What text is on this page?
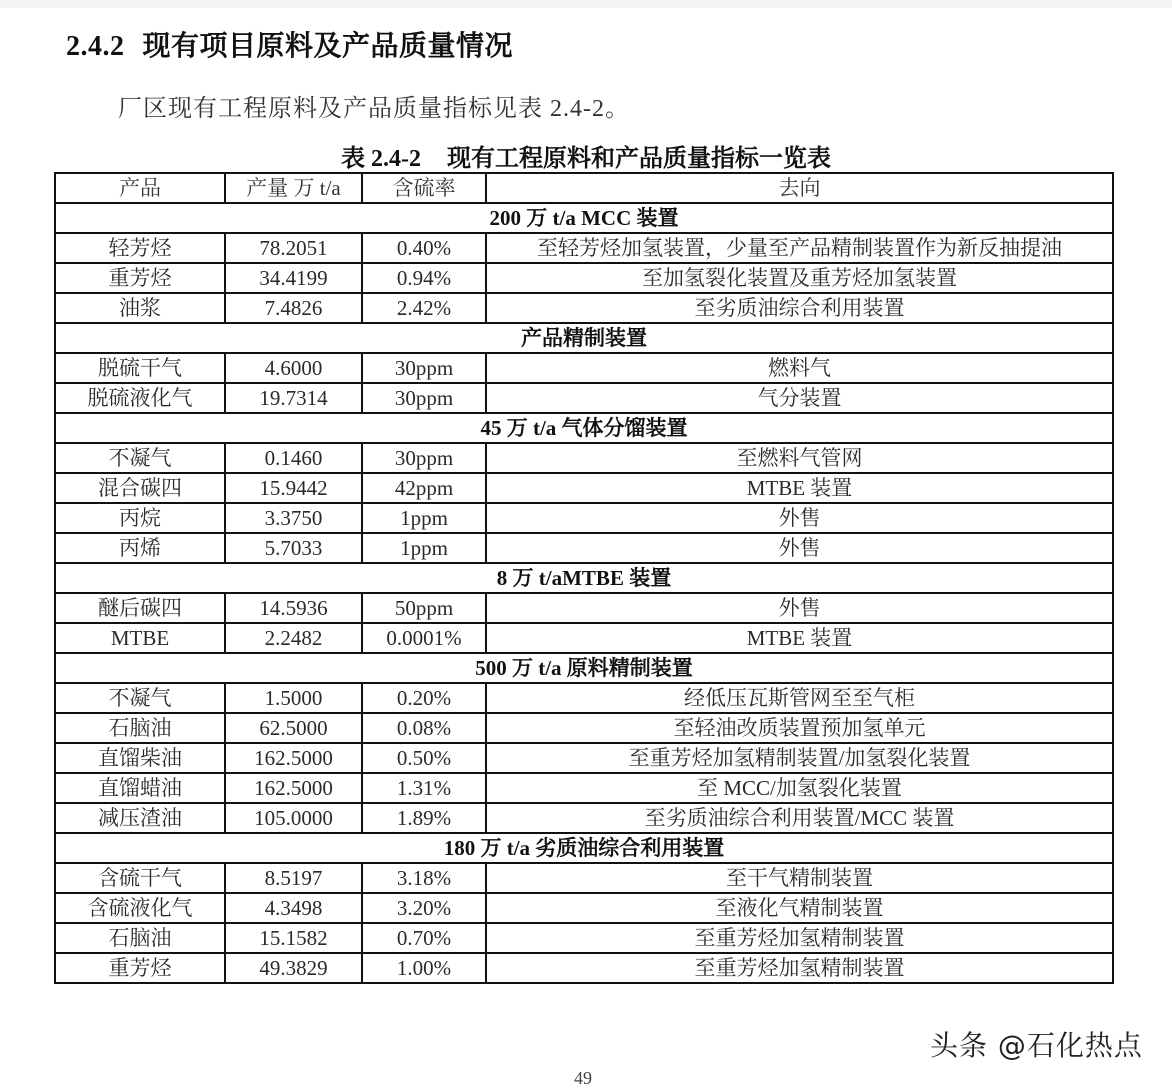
2.4.2 现有项目原料及产品质量情况
厂区现有工程原料及产品质量指标见表 2.4-2。
表 2.4-2 现有工程原料和产品质量指标一览表
产品	产量 万 t/a	含硫率	去向
200 万 t/a MCC 装置			
轻芳烃	78.2051	0.40%	至轻芳烃加氢装置，少量至产品精制装置作为新反抽提油
重芳烃	34.4199	0.94%	至加氢裂化装置及重芳烃加氢装置
油浆	7.4826	2.42%	至劣质油综合利用装置
产品精制装置			
脱硫干气	4.6000	30ppm	燃料气
脱硫液化气	19.7314	30ppm	气分装置
45 万 t/a 气体分馏装置			
不凝气	0.1460	30ppm	至燃料气管网
混合碳四	15.9442	42ppm	MTBE 装置
丙烷	3.3750	1ppm	外售
丙烯	5.7033	1ppm	外售
8 万 t/aMTBE 装置			
醚后碳四	14.5936	50ppm	外售
MTBE	2.2482	0.0001%	MTBE 装置
500 万 t/a 原料精制装置			
不凝气	1.5000	0.20%	经低压瓦斯管网至至气柜
石脑油	62.5000	0.08%	至轻油改质装置预加氢单元
直馏柴油	162.5000	0.50%	至重芳烃加氢精制装置/加氢裂化装置
直馏蜡油	162.5000	1.31%	至 MCC/加氢裂化装置
减压渣油	105.0000	1.89%	至劣质油综合利用装置/MCC 装置
180 万 t/a 劣质油综合利用装置			
含硫干气	8.5197	3.18%	至干气精制装置
含硫液化气	4.3498	3.20%	至液化气精制装置
石脑油	15.1582	0.70%	至重芳烃加氢精制装置
重芳烃	49.3829	1.00%	至重芳烃加氢精制装置
头条 @石化热点
49
